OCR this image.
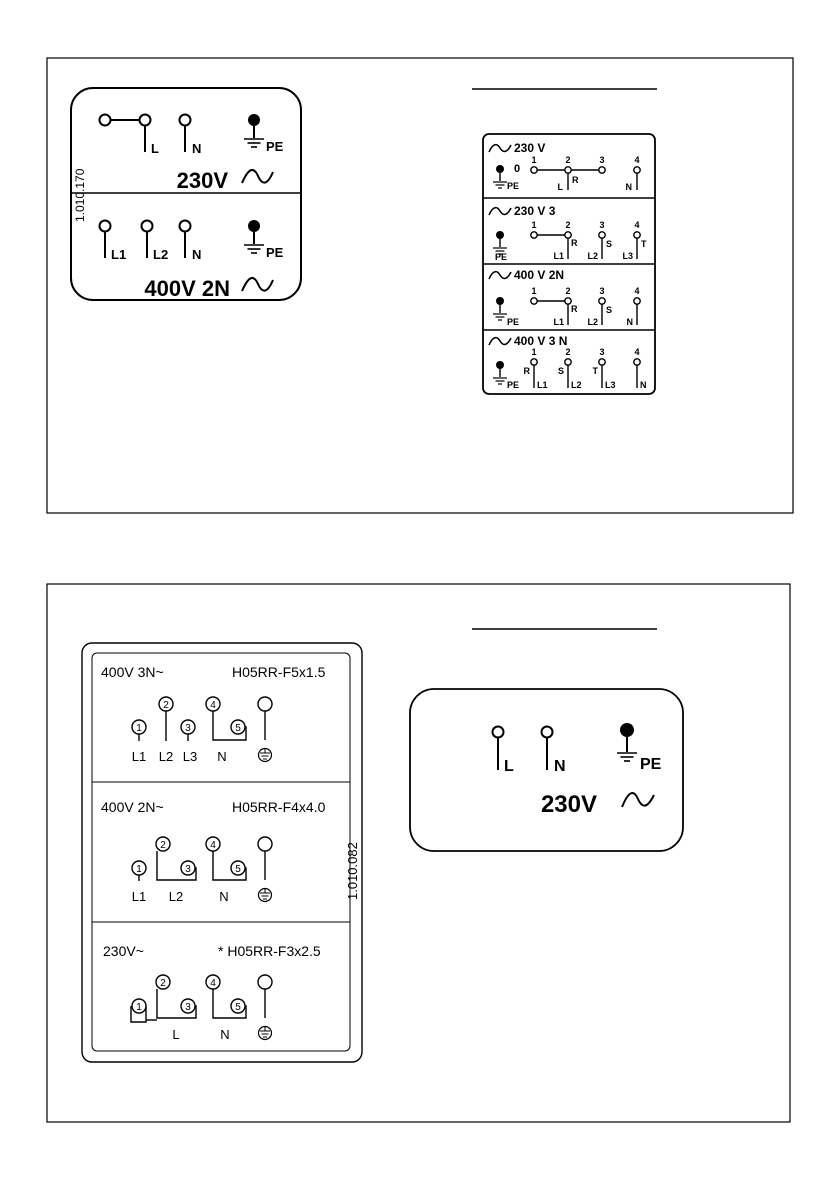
1.010.170
L	N	PE
230V
L1 L2 N	PE
400V 2N
230 V
PE
0
1	2	3	4
L
R
N
230 V 3
PE
1	2	3	4
L1
R	S
L2
T
L3
400 V 2N
PE
1	2	3	4
L1
R
L2
S
N
400 V 3 N
PE
1	2	3	4
R
L1
S
L2
T
L3	N
1.010.082
400V 3N~	H05RR-F5x1.5
1
2
3
4
5
L1 L2 L3 N
400V 2N~	H05RR-F4x4.0
1
2
3
4
5
L1 L2	N
230V~	* H05RR-F3x2.5
1
2
3
4
5
L	N
L	N	PE
230V
